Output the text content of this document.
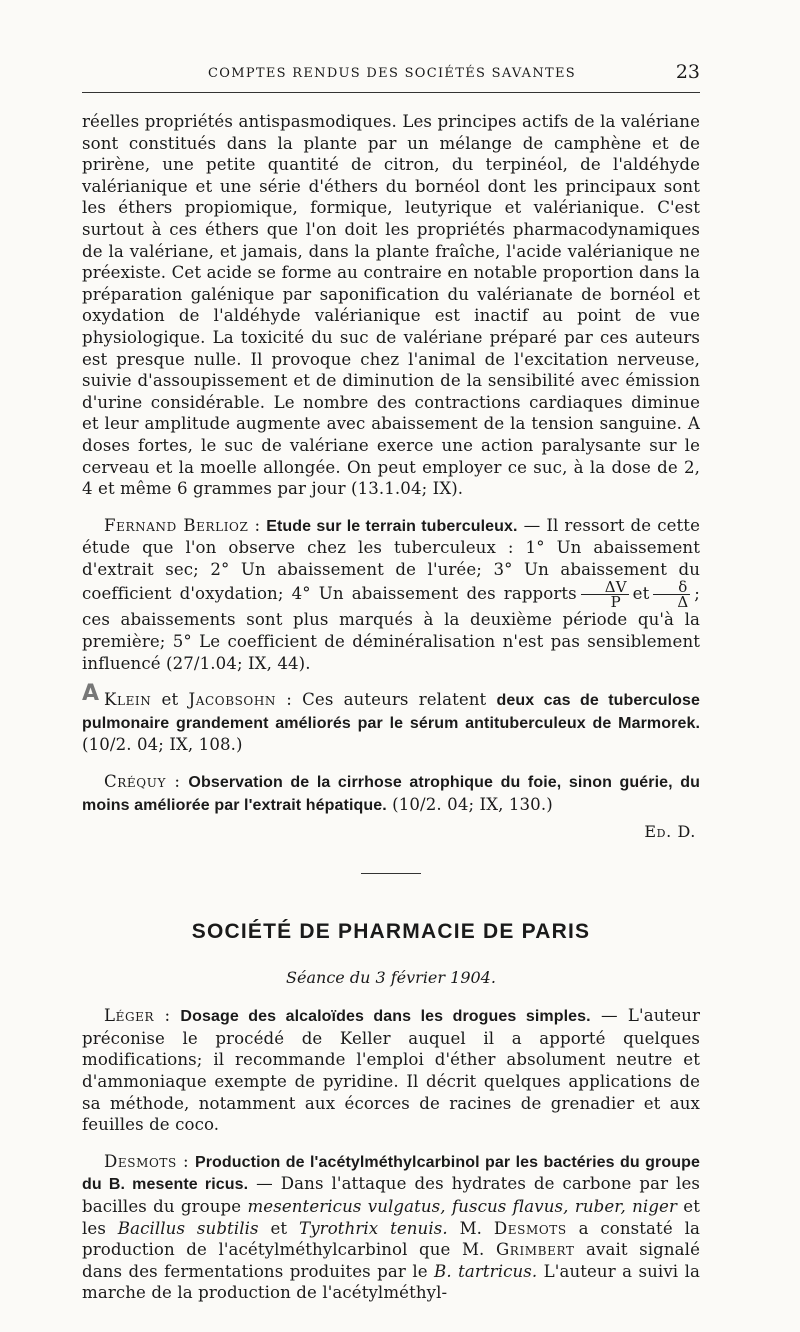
COMPTES RENDUS DES SOCIÉTÉS SAVANTES	23

réelles propriétés antispasmodiques. Les principes actifs de la valériane sont constitués dans la plante par un mélange de camphène et de prirène, une petite quantité de citron, du terpinéol, de l'aldéhyde valérianique et une série d'éthers du bornéol dont les principaux sont les éthers propiomique, formique, leutyrique et valérianique. C'est surtout à ces éthers que l'on doit les propriétés pharmacodynamiques de la valériane, et jamais, dans la plante fraîche, l'acide valérianique ne préexiste. Cet acide se forme au contraire en notable proportion dans la préparation galénique par saponification du valérianate de bornéol et oxydation de l'aldéhyde valérianique est inactif au point de vue physiologique. La toxicité du suc de valériane préparé par ces auteurs est presque nulle. Il provoque chez l'animal de l'excitation nerveuse, suivie d'assoupissement et de diminution de la sensibilité avec émission d'urine considérable. Le nombre des contractions cardiaques diminue et leur amplitude augmente avec abaissement de la tension sanguine. A doses fortes, le suc de valériane exerce une action paralysante sur le cerveau et la moelle allongée. On peut employer ce suc, à la dose de 2, 4 et même 6 grammes par jour (13.1.04; IX).

Fernand Berlioz : Etude sur le terrain tuberculeux. — Il ressort de cette étude que l'on observe chez les tuberculeux : 1° Un abaissement d'extrait sec; 2° Un abaissement de l'urée; 3° Un abaissement du coefficient d'oxydation; 4° Un abaissement des rapports $\frac{\Delta V}{P}$ et $\frac{\delta}{\Delta}$ ; ces abaissements sont plus marqués à la deuxième période qu'à la première; 5° Le coefficient de déminéralisation n'est pas sensiblement influencé (27/1.04; IX, 44).

A Klein et Jacobsohn : Ces auteurs relatent deux cas de tuberculose pulmonaire grandement améliorés par le sérum antituberculeux de Marmorek. (10/2. 04; IX, 108.)

Créquy : Observation de la cirrhose atrophique du foie, sinon guérie, du moins améliorée par l'extrait hépatique. (10/2. 04; IX, 130.)

Ed. D.
SOCIÉTÉ DE PHARMACIE DE PARIS
Séance du 3 février 1904.

Léger : Dosage des alcaloïdes dans les drogues simples. — L'auteur préconise le procédé de Keller auquel il a apporté quelques modifications; il recommande l'emploi d'éther absolument neutre et d'ammoniaque exempte de pyridine. Il décrit quelques applications de sa méthode, notamment aux écorces de racines de grenadier et aux feuilles de coco.

Desmots : Production de l'acétylméthylcarbinol par les bactéries du groupe du B. mesente ricus. — Dans l'attaque des hydrates de carbone par les bacilles du groupe mesentericus vulgatus, fuscus flavus, ruber, niger et les Bacillus subtilis et Tyrothrix tenuis. M. Desmots a constaté la production de l'acétylméthylcarbinol que M. Grimbert avait signalé dans des fermentations produites par le B. tartricus. L'auteur a suivi la marche de la production de l'acétylméthyl-
